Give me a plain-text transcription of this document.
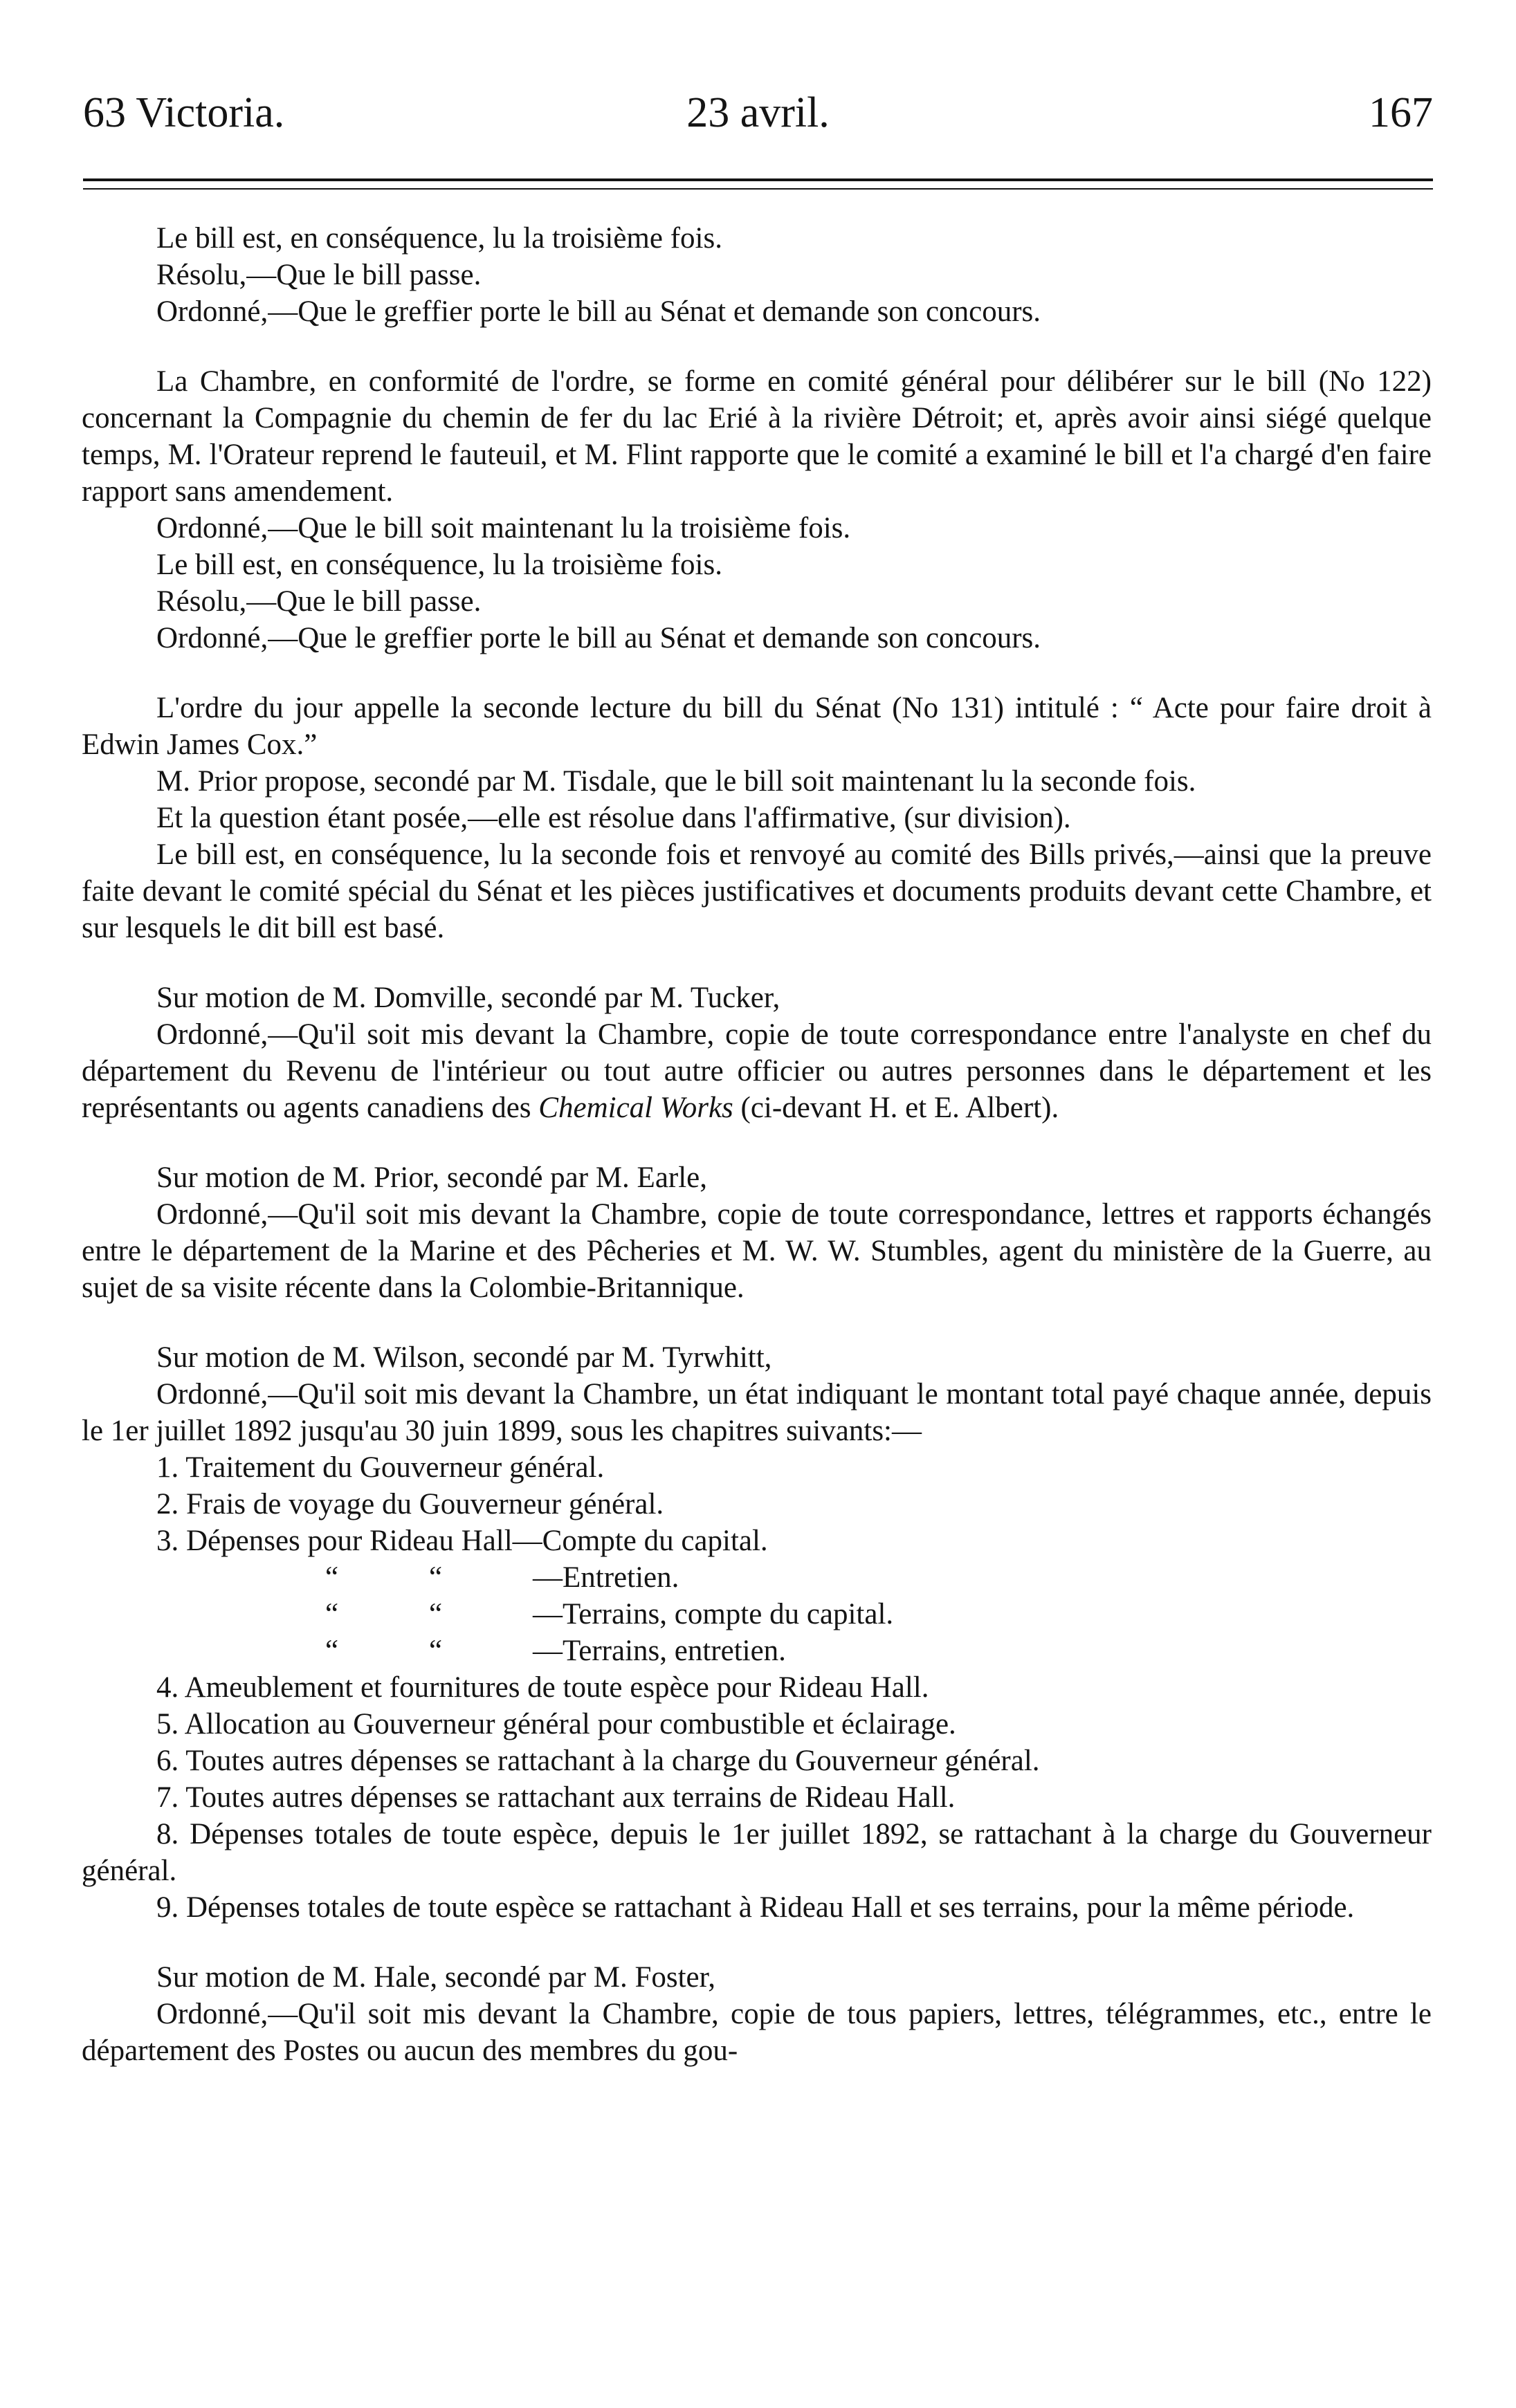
63 Victoria.	23 avril.	167

Le bill est, en conséquence, lu la troisième fois.

Résolu,—Que le bill passe.

Ordonné,—Que le greffier porte le bill au Sénat et demande son concours.

La Chambre, en conformité de l'ordre, se forme en comité général pour délibérer sur le bill (No 122) concernant la Compagnie du chemin de fer du lac Erié à la rivière Détroit; et, après avoir ainsi siégé quelque temps, M. l'Orateur reprend le fauteuil, et M. Flint rapporte que le comité a examiné le bill et l'a chargé d'en faire rapport sans amendement.

Ordonné,—Que le bill soit maintenant lu la troisième fois.

Le bill est, en conséquence, lu la troisième fois.

Résolu,—Que le bill passe.

Ordonné,—Que le greffier porte le bill au Sénat et demande son concours.

L'ordre du jour appelle la seconde lecture du bill du Sénat (No 131) intitulé : “ Acte pour faire droit à Edwin James Cox.”

M. Prior propose, secondé par M. Tisdale, que le bill soit maintenant lu la seconde fois.

Et la question étant posée,—elle est résolue dans l'affirmative, (sur division).

Le bill est, en conséquence, lu la seconde fois et renvoyé au comité des Bills privés,—ainsi que la preuve faite devant le comité spécial du Sénat et les pièces justificatives et documents produits devant cette Chambre, et sur lesquels le dit bill est basé.

Sur motion de M. Domville, secondé par M. Tucker,

Ordonné,—Qu'il soit mis devant la Chambre, copie de toute correspondance entre l'analyste en chef du département du Revenu de l'intérieur ou tout autre officier ou autres personnes dans le département et les représentants ou agents canadiens des Chemical Works (ci-devant H. et E. Albert).

Sur motion de M. Prior, secondé par M. Earle,

Ordonné,—Qu'il soit mis devant la Chambre, copie de toute correspondance, lettres et rapports échangés entre le département de la Marine et des Pêcheries et M. W. W. Stumbles, agent du ministère de la Guerre, au sujet de sa visite récente dans la Colombie-Britannique.

Sur motion de M. Wilson, secondé par M. Tyrwhitt,

Ordonné,—Qu'il soit mis devant la Chambre, un état indiquant le montant total payé chaque année, depuis le 1er juillet 1892 jusqu'au 30 juin 1899, sous les chapitres suivants:—

1. Traitement du Gouverneur général.

2. Frais de voyage du Gouverneur général.

3. Dépenses pour Rideau Hall—Compte du capital.

“	“	—Entretien.

“	“	—Terrains, compte du capital.

“	“	—Terrains, entretien.

4. Ameublement et fournitures de toute espèce pour Rideau Hall.

5. Allocation au Gouverneur général pour combustible et éclairage.

6. Toutes autres dépenses se rattachant à la charge du Gouverneur général.

7. Toutes autres dépenses se rattachant aux terrains de Rideau Hall.

8. Dépenses totales de toute espèce, depuis le 1er juillet 1892, se rattachant à la charge du Gouverneur général.

9. Dépenses totales de toute espèce se rattachant à Rideau Hall et ses terrains, pour la même période.

Sur motion de M. Hale, secondé par M. Foster,

Ordonné,—Qu'il soit mis devant la Chambre, copie de tous papiers, lettres, télégrammes, etc., entre le département des Postes ou aucun des membres du gou-
